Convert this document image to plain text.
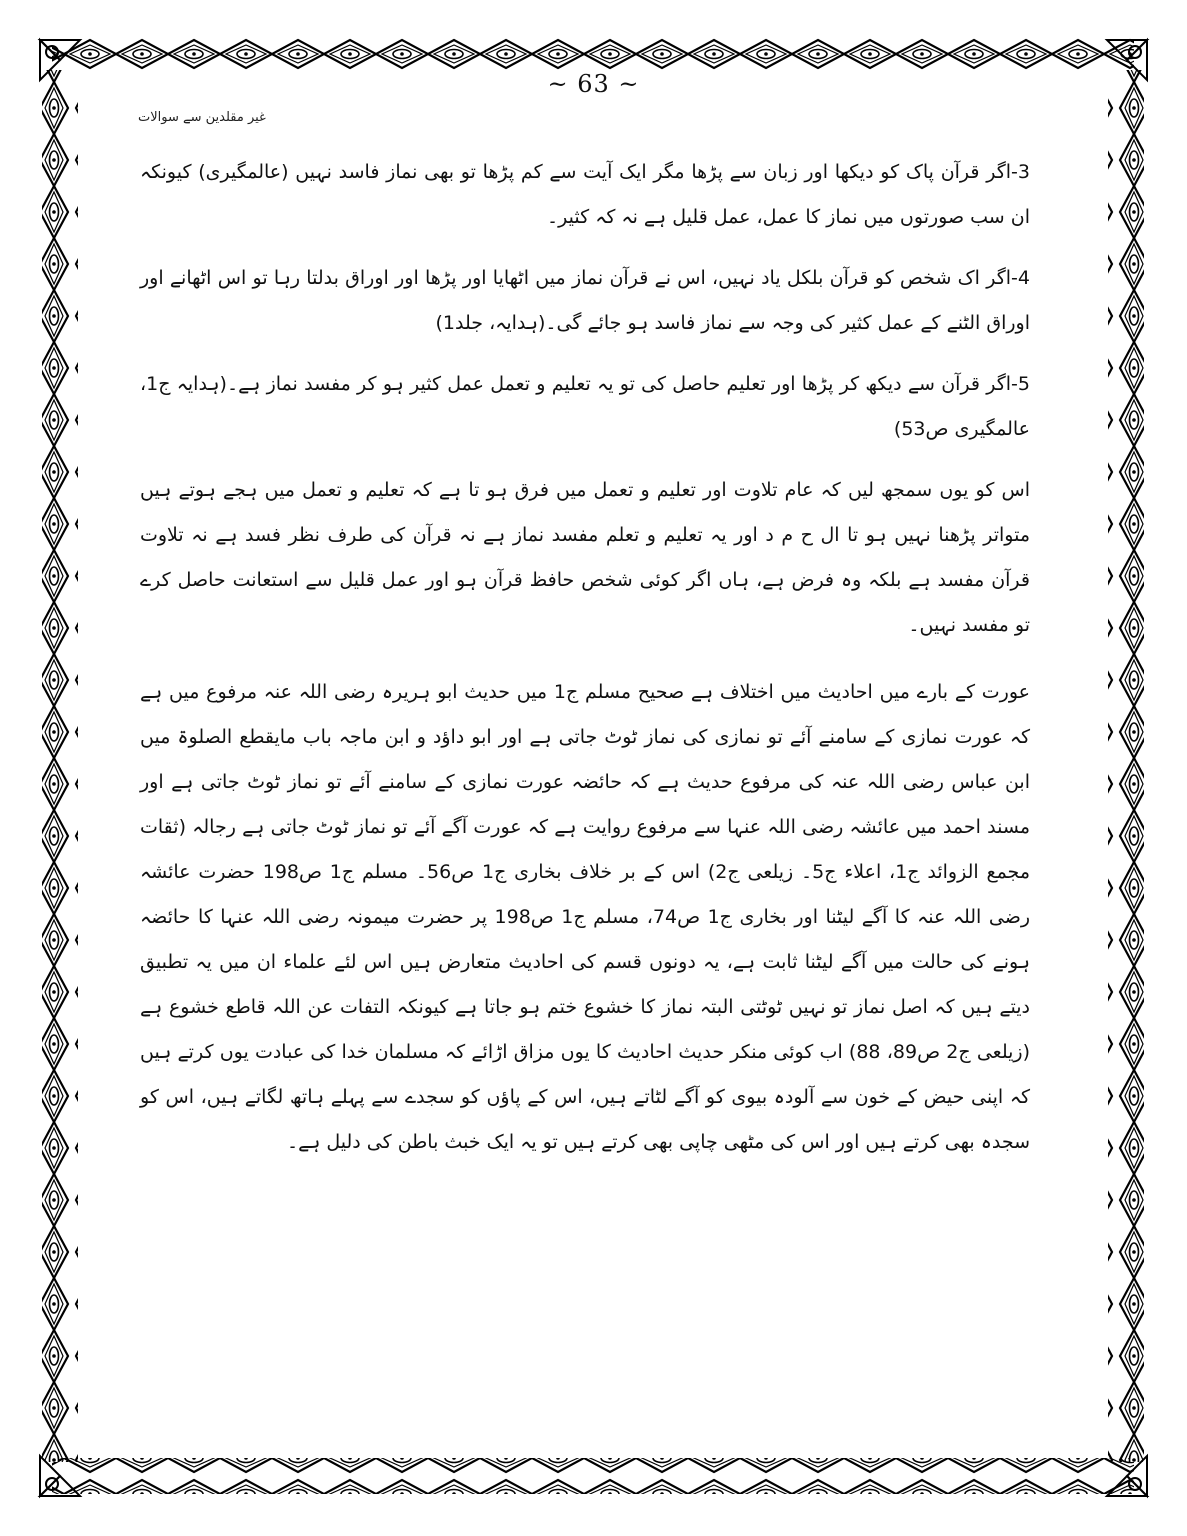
~ 63 ~
غیر مقلدین سے سوالات

3-اگر قرآن پاک کو دیکھا اور زبان سے پڑھا مگر ایک آیت سے کم پڑھا تو بھی نماز فاسد نہیں (عالمگیری) کیونکہ ان سب صورتوں میں نماز کا عمل، عمل قلیل ہے نہ کہ کثیر۔

4-اگر اک شخص کو قرآن بلکل یاد نہیں، اس نے قرآن نماز میں اٹھایا اور پڑھا اور اوراق بدلتا رہا تو اس اٹھانے اور اوراق الٹنے کے عمل کثیر کی وجہ سے نماز فاسد ہو جائے گی۔(ہدایہ، جلد1)

5-اگر قرآن سے دیکھ کر پڑھا اور تعلیم حاصل کی تو یہ تعلیم و تعمل عمل کثیر ہو کر مفسد نماز ہے۔(ہدایہ ج1، عالمگیری ص53)

اس کو یوں سمجھ لیں کہ عام تلاوت اور تعلیم و تعمل میں فرق ہو تا ہے کہ تعلیم و تعمل میں ہجے ہوتے ہیں متواتر پڑھنا نہیں ہو تا ال ح م د اور یہ تعلیم و تعلم مفسد نماز ہے نہ قرآن کی طرف نظر فسد ہے نہ تلاوت قرآن مفسد ہے بلکہ وہ فرض ہے، ہاں اگر کوئی شخص حافظ قرآن ہو اور عمل قلیل سے استعانت حاصل کرے تو مفسد نہیں۔

عورت کے بارے میں احادیث میں اختلاف ہے صحیح مسلم ج1 میں حدیث ابو ہریرہ رضی اللہ عنہ مرفوع میں ہے کہ عورت نمازی کے سامنے آئے تو نمازی کی نماز ٹوٹ جاتی ہے اور ابو داؤد و ابن ماجہ باب مایقطع الصلوۃ میں ابن عباس رضی اللہ عنہ کی مرفوع حدیث ہے کہ حائضہ عورت نمازی کے سامنے آئے تو نماز ٹوٹ جاتی ہے اور مسند احمد میں عائشہ رضی اللہ عنہا سے مرفوع روایت ہے کہ عورت آگے آئے تو نماز ٹوٹ جاتی ہے رجالہ (ثقات مجمع الزوائد ج1، اعلاء ج5۔ زیلعی ج2) اس کے بر خلاف بخاری ج1 ص56۔ مسلم ج1 ص198 حضرت عائشہ رضی اللہ عنہ کا آگے لیٹنا اور بخاری ج1 ص74، مسلم ج1 ص198 پر حضرت میمونہ رضی اللہ عنہا کا حائضہ ہونے کی حالت میں آگے لیٹنا ثابت ہے، یہ دونوں قسم کی احادیث متعارض ہیں اس لئے علماء ان میں یہ تطبیق دیتے ہیں کہ اصل نماز تو نہیں ٹوٹتی البتہ نماز کا خشوع ختم ہو جاتا ہے کیونکہ التفات عن اللہ قاطع خشوع ہے (زیلعی ج2 ص89، 88) اب کوئی منکر حدیث احادیث کا یوں مزاق اڑائے کہ مسلمان خدا کی عبادت یوں کرتے ہیں کہ اپنی حیض کے خون سے آلودہ بیوی کو آگے لٹاتے ہیں، اس کے پاؤں کو سجدے سے پہلے ہاتھ لگاتے ہیں، اس کو سجدہ بھی کرتے ہیں اور اس کی مٹھی چاپی بھی کرتے ہیں تو یہ ایک خبث باطن کی دلیل ہے۔
